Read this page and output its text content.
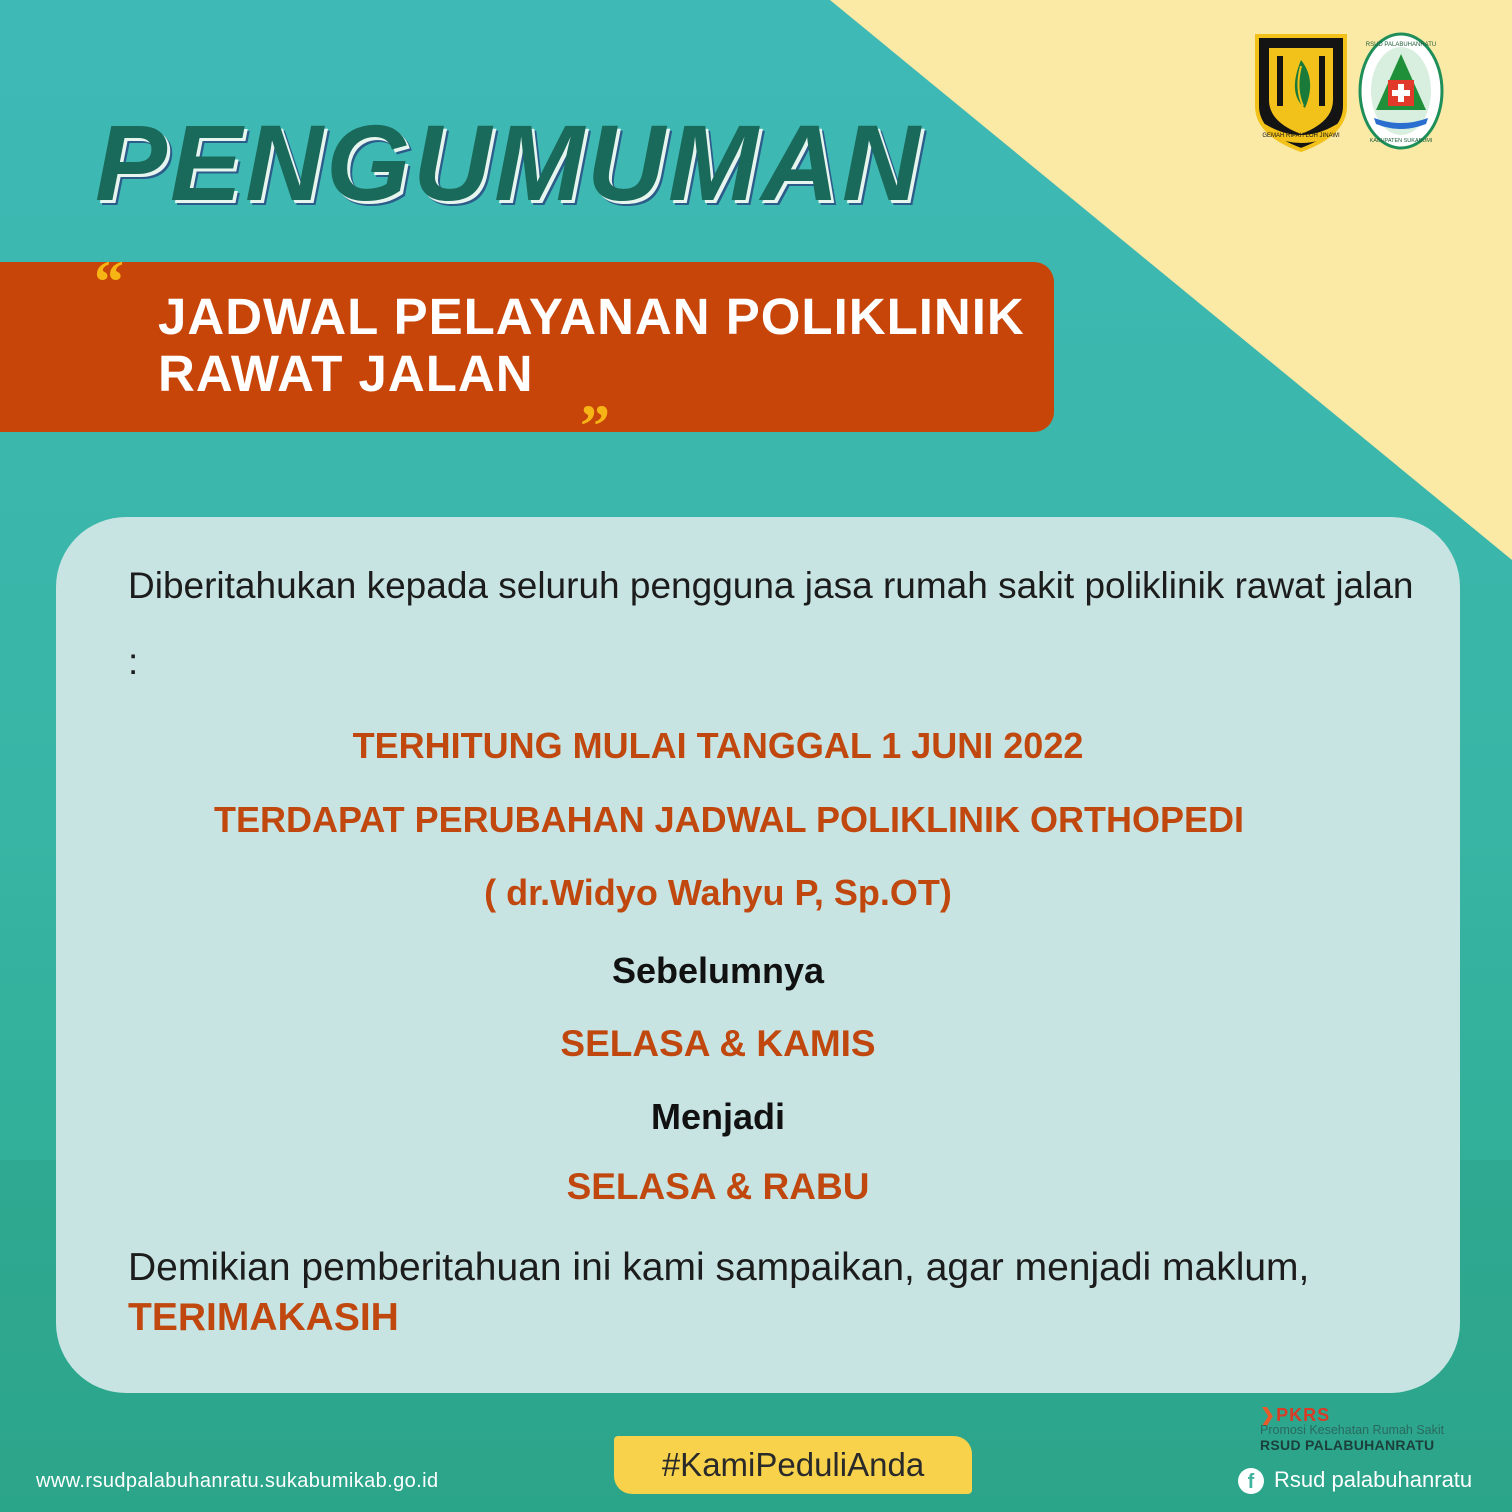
PENGUMUMAN	GEMAH RIPAH LOH JINAWI
RSUD PALABUHANRATU
KABUPATEN SUKABUMI
“
JADWAL PELAYANAN POLIKLINIK
RAWAT JALAN
”
Diberitahukan kepada seluruh pengguna jasa rumah sakit poliklinik rawat jalan :
TERHITUNG MULAI TANGGAL 1 JUNI 2022
TERDAPAT PERUBAHAN JADWAL POLIKLINIK ORTHOPEDI
( dr.Widyo Wahyu P, Sp.OT)
Sebelumnya
SELASA & KAMIS
Menjadi
SELASA & RABU
Demikian pemberitahuan ini kami sampaikan, agar menjadi maklum,
TERIMAKASIH
❯PKRS
Promosi Kesehatan Rumah Sakit
RSUD PALABUHANRATU
#KamiPeduliAnda
www.rsudpalabuhanratu.sukabumikab.go.id	f Rsud palabuhanratu
